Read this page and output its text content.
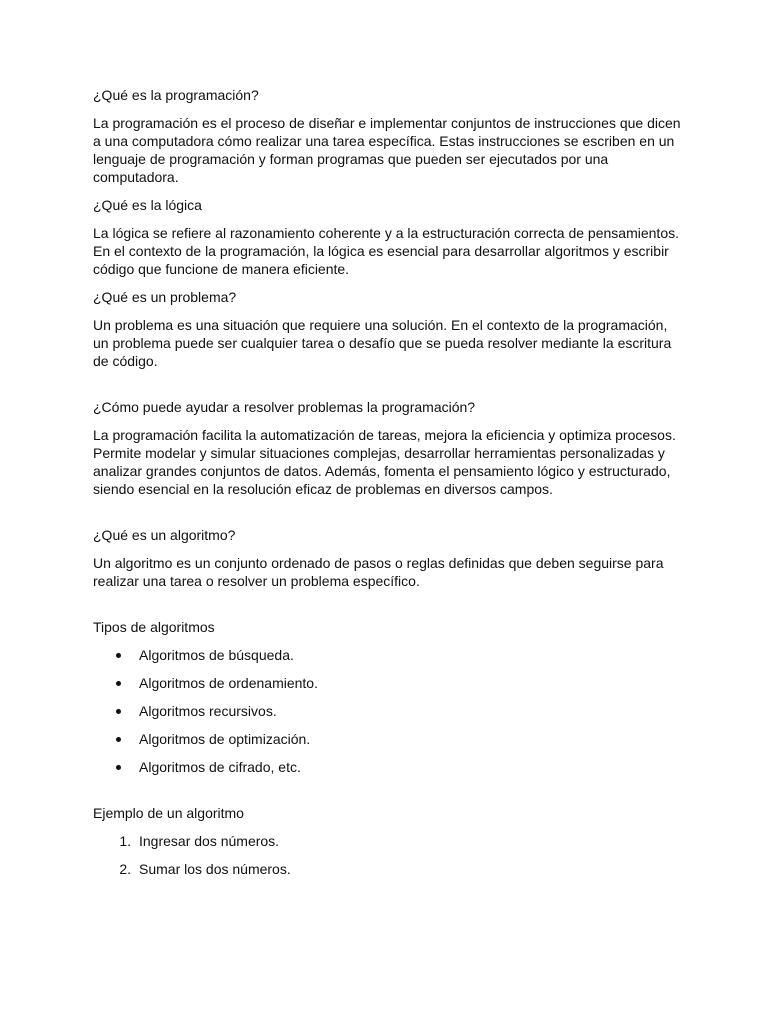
¿Qué es la programación?

La programación es el proceso de diseñar e implementar conjuntos de instrucciones que dicen a una computadora cómo realizar una tarea específica. Estas instrucciones se escriben en un lenguaje de programación y forman programas que pueden ser ejecutados por una computadora.

¿Qué es la lógica

La lógica se refiere al razonamiento coherente y a la estructuración correcta de pensamientos. En el contexto de la programación, la lógica es esencial para desarrollar algoritmos y escribir código que funcione de manera eficiente.

¿Qué es un problema?

Un problema es una situación que requiere una solución. En el contexto de la programación, un problema puede ser cualquier tarea o desafío que se pueda resolver mediante la escritura de código.

¿Cómo puede ayudar a resolver problemas la programación?

La programación facilita la automatización de tareas, mejora la eficiencia y optimiza procesos. Permite modelar y simular situaciones complejas, desarrollar herramientas personalizadas y analizar grandes conjuntos de datos. Además, fomenta el pensamiento lógico y estructurado, siendo esencial en la resolución eficaz de problemas en diversos campos.

¿Qué es un algoritmo?

Un algoritmo es un conjunto ordenado de pasos o reglas definidas que deben seguirse para realizar una tarea o resolver un problema específico.

Tipos de algoritmos

Algoritmos de búsqueda.
Algoritmos de ordenamiento.
Algoritmos recursivos.
Algoritmos de optimización.
Algoritmos de cifrado, etc.

Ejemplo de un algoritmo

1. Ingresar dos números.
2. Sumar los dos números.
